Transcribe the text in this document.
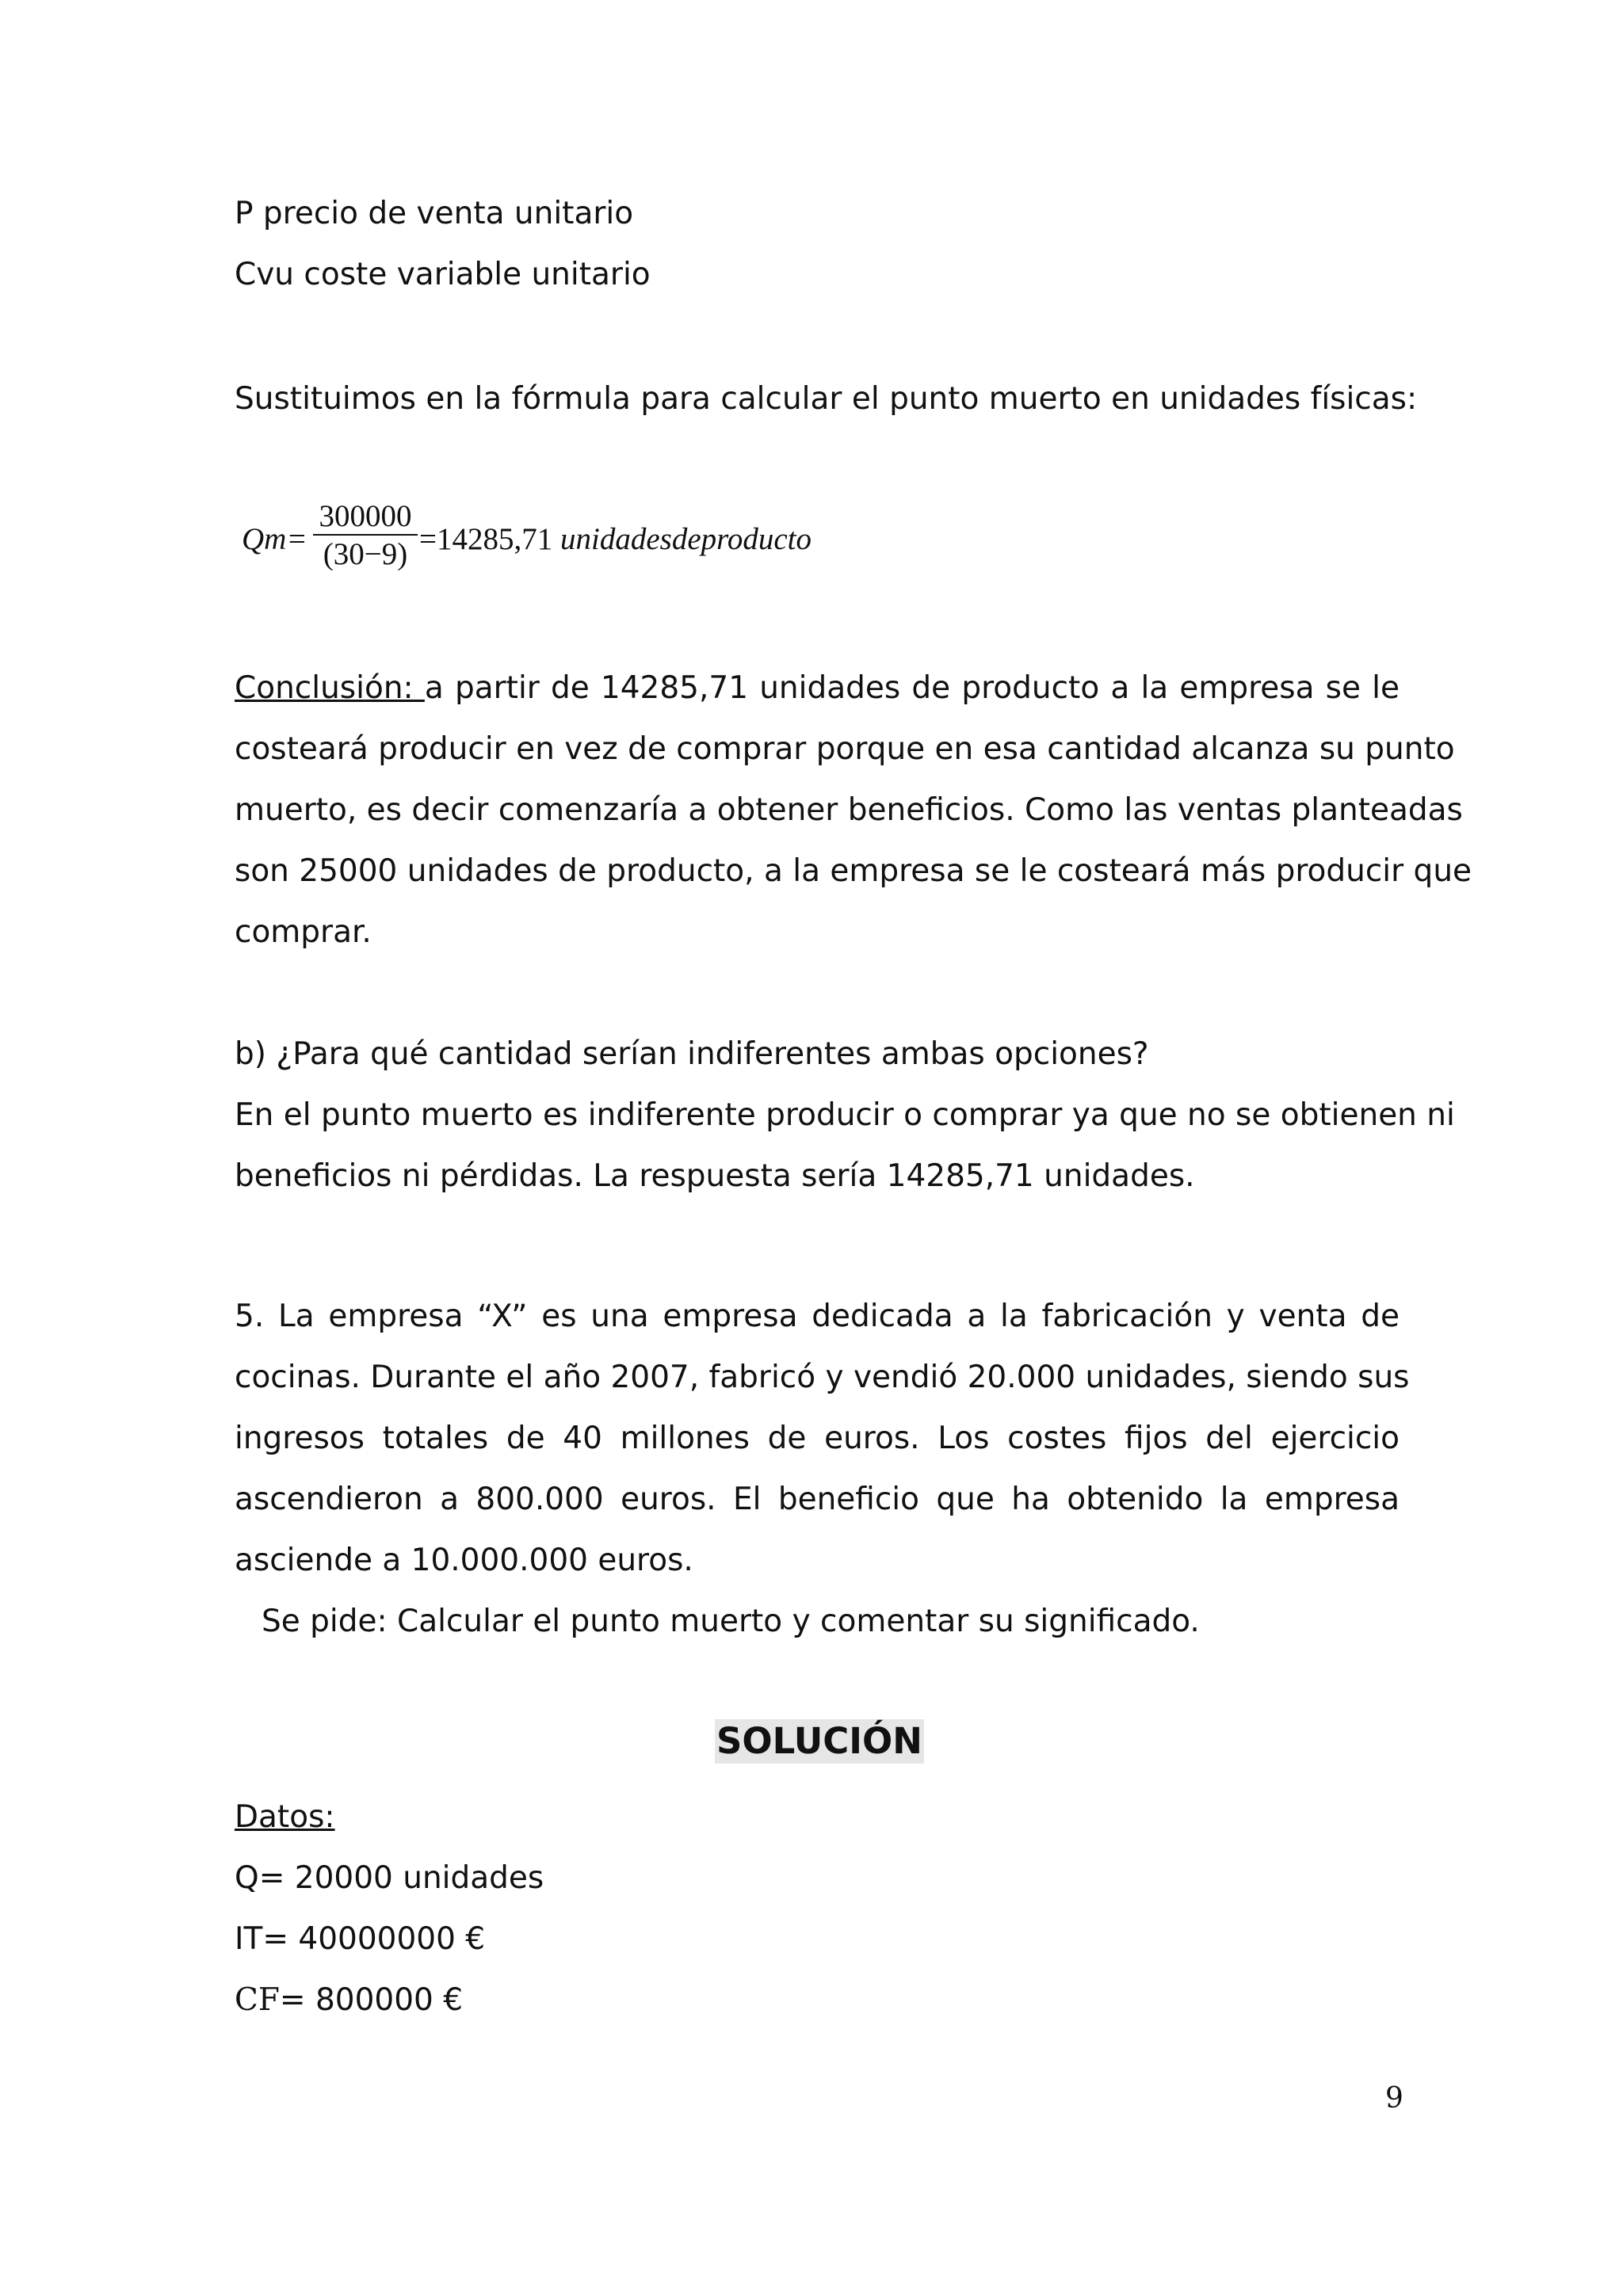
P precio de venta unitario
Cvu coste variable unitario
Sustituimos en la fórmula para calcular el punto muerto en unidades físicas:
$Qm= \frac{300000}{(30-9)} =14285,71$ unidadesdeproducto
Conclusión: a partir de 14285,71 unidades de producto a la empresa se le
costeará producir en vez de comprar porque en esa cantidad alcanza su punto
muerto, es decir comenzaría a obtener beneficios. Como las ventas planteadas
son 25000 unidades de producto, a la empresa se le costeará más producir que
comprar.
b) ¿Para qué cantidad serían indiferentes ambas opciones?
En el punto muerto es indiferente producir o comprar ya que no se obtienen ni
beneficios ni pérdidas. La respuesta sería 14285,71 unidades.
5. La empresa “X” es una empresa dedicada a la fabricación y venta de
cocinas. Durante el año 2007, fabricó y vendió 20.000 unidades, siendo sus
ingresos totales de 40 millones de euros. Los costes fijos del ejercicio
ascendieron a 800.000 euros. El beneficio que ha obtenido la empresa
asciende a 10.000.000 euros.
Se pide: Calcular el punto muerto y comentar su significado.
SOLUCIÓN
Datos:
Q= 20000 unidades
IT= 40000000 €
CF= 800000 €
9
